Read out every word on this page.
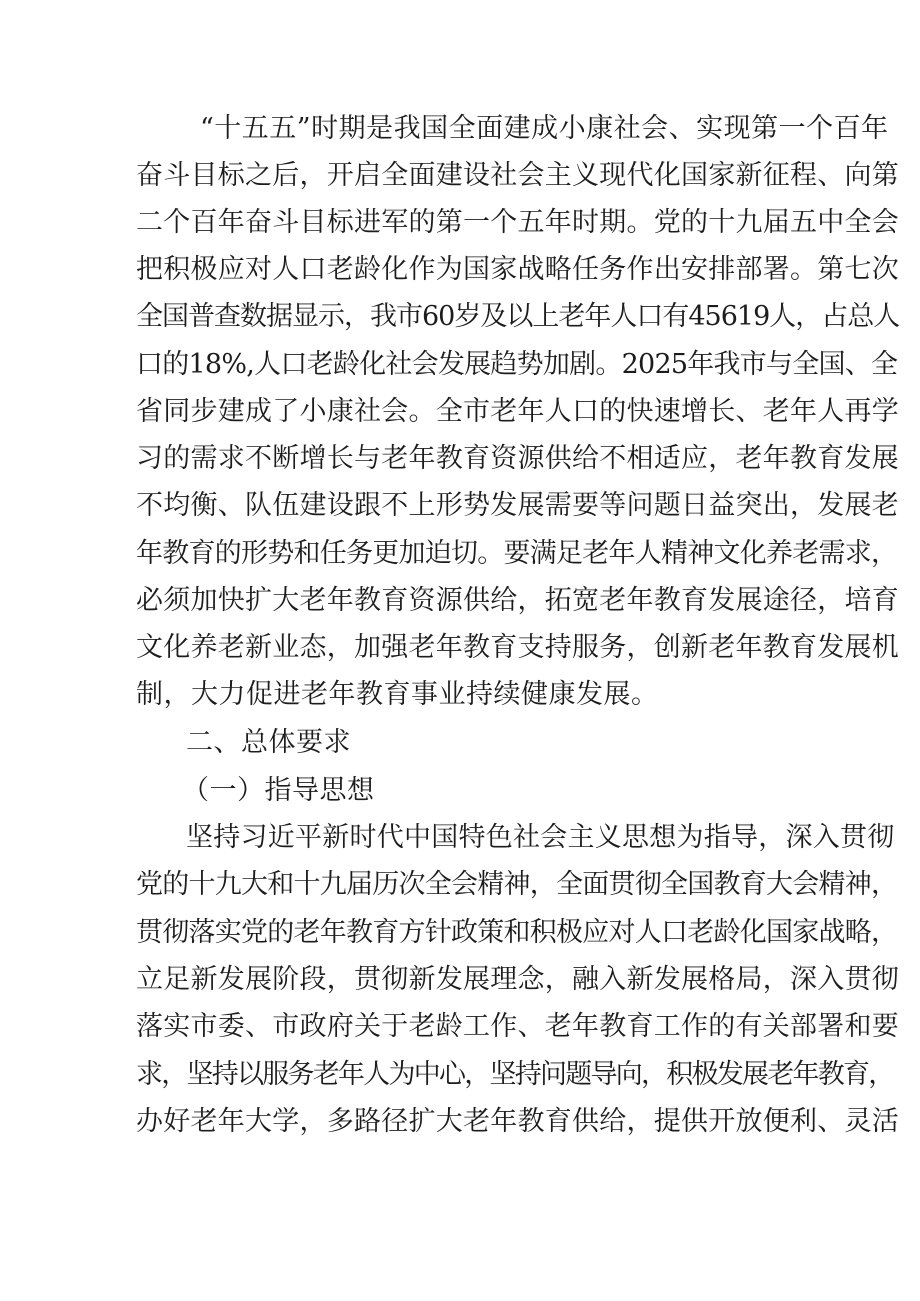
“十五五”时期是我国全面建成小康社会、实现第一个百年

奋斗目标之后，开启全面建设社会主义现代化国家新征程、向第

二个百年奋斗目标进军的第一个五年时期。党的十九届五中全会

把积极应对人口老龄化作为国家战略任务作出安排部署。第七次

全国普查数据显示，我市60岁及以上老年人口有45619人，占总人

口的18%,人口老龄化社会发展趋势加剧。2025年我市与全国、全

省同步建成了小康社会。全市老年人口的快速增长、老年人再学

习的需求不断增长与老年教育资源供给不相适应，老年教育发展

不均衡、队伍建设跟不上形势发展需要等问题日益突出，发展老

年教育的形势和任务更加迫切。要满足老年人精神文化养老需求，

必须加快扩大老年教育资源供给，拓宽老年教育发展途径，培育

文化养老新业态，加强老年教育支持服务，创新老年教育发展机

制，大力促进老年教育事业持续健康发展。

二、总体要求

（一）指导思想

坚持习近平新时代中国特色社会主义思想为指导，深入贯彻

党的十九大和十九届历次全会精神，全面贯彻全国教育大会精神，

贯彻落实党的老年教育方针政策和积极应对人口老龄化国家战略，

立足新发展阶段，贯彻新发展理念，融入新发展格局，深入贯彻

落实市委、市政府关于老龄工作、老年教育工作的有关部署和要

求，坚持以服务老年人为中心，坚持问题导向，积极发展老年教育，

办好老年大学，多路径扩大老年教育供给，提供开放便利、灵活
